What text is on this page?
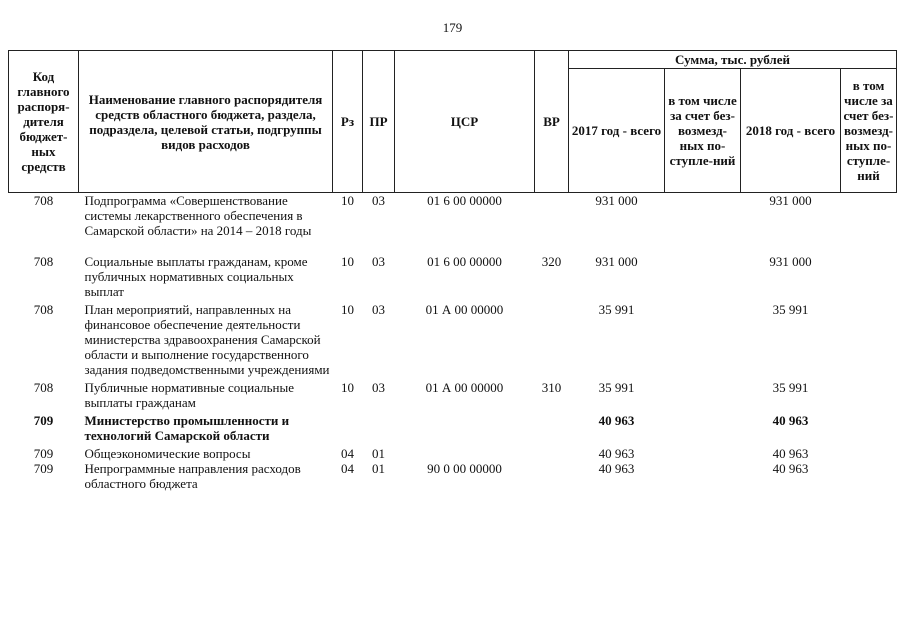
179
Код главного распоря-дителя бюджет-ных средств	Наименование главного распорядителя средств областного бюджета, раздела, подраздела, целевой статьи, подгруппы видов расходов	Рз	ПР	ЦСР	ВР	Сумма, тыс. рублей			
						2017 год - всего	в том числе за счет без-возмезд-ных по-ступле-ний	2018 год - всего	в том числе за счет без-возмезд-ных по-ступле-ний
708	Подпрограмма «Совершенствование системы лекарственного обеспечения в Самарской области» на 2014 – 2018 годы	10	03	01 6 00 00000		931 000		931 000	
708	Социальные выплаты гражданам, кроме публичных нормативных социальных выплат	10	03	01 6 00 00000	320	931 000		931 000	
708	План мероприятий, направленных на финансовое обеспечение деятельности министерства здравоохранения Самарской области и выполнение государственного задания подведомственными учреждениями	10	03	01 А 00 00000		35 991		35 991	
708	Публичные нормативные социальные выплаты гражданам	10	03	01 А 00 00000	310	35 991		35 991	
709	Министерство промышленности и технологий Самарской области					40 963		40 963	
709	Общеэкономические вопросы	04	01			40 963		40 963	
709	Непрограммные направления расходов областного бюджета	04	01	90 0 00 00000		40 963		40 963	
